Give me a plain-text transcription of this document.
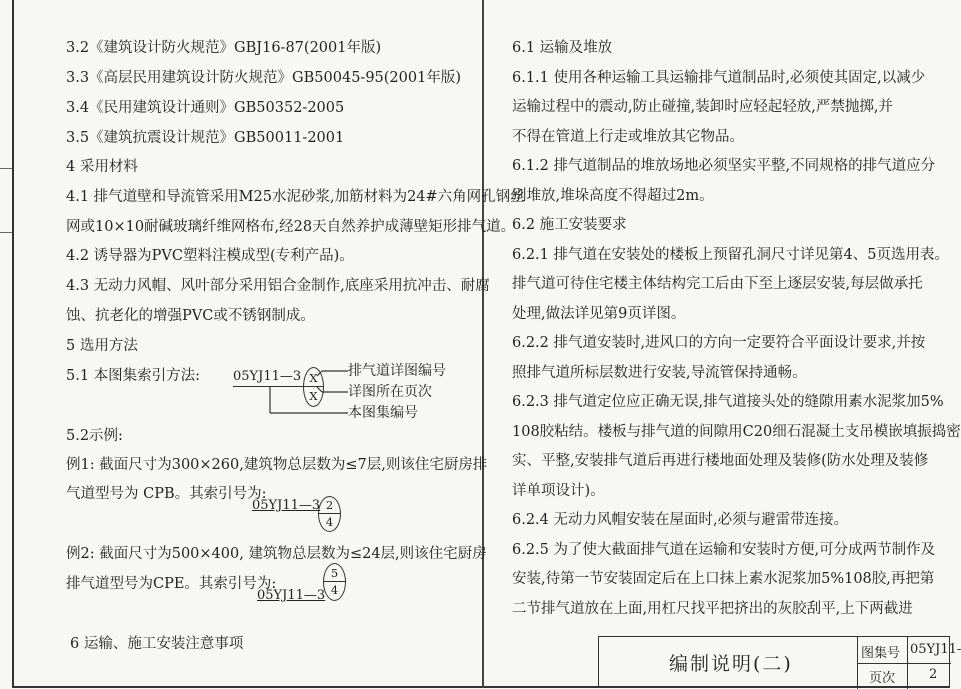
3.2《建筑设计防火规范》GBJ16-87(2001年版)
3.3《高层民用建筑设计防火规范》GB50045-95(2001年版)
3.4《民用建筑设计通则》GB50352-2005
3.5《建筑抗震设计规范》GB50011-2001
4 采用材料
4.1 排气道壁和导流管采用M25水泥砂浆,加筋材料为24#六角网孔钢丝
网或10×10耐碱玻璃纤维网格布,经28天自然养护成薄壁矩形排气道。
4.2 诱导器为PVC塑料注模成型(专利产品)。
4.3 无动力风帽、风叶部分采用铝合金制作,底座采用抗冲击、耐腐
蚀、抗老化的增强PVC或不锈钢制成。
5 选用方法
5.1 本图集索引方法:	05YJ11—3 X
X
排气道详图编号
详图所在页次
本图集编号
5.2示例:
例1: 截面尺寸为300×260,建筑物总层数为≤7层,则该住宅厨房排
气道型号为 CPB。其索引号为:
05YJ11—3 2
4
例2: 截面尺寸为500×400, 建筑物总层数为≤24层,则该住宅厨房
排气道型号为CPE。其索引号为:
05YJ11—3
5
4
6 运输、施工安装注意事项
6.1 运输及堆放
6.1.1 使用各种运输工具运输排气道制品时,必须使其固定,以减少
运输过程中的震动,防止碰撞,装卸时应轻起轻放,严禁抛掷,并
不得在管道上行走或堆放其它物品。
6.1.2 排气道制品的堆放场地必须坚实平整,不同规格的排气道应分
别堆放,堆垛高度不得超过2m。
6.2 施工安装要求
6.2.1 排气道在安装处的楼板上预留孔洞尺寸详见第4、5页选用表。
排气道可待住宅楼主体结构完工后由下至上逐层安装,每层做承托
处理,做法详见第9页详图。
6.2.2 排气道安装时,进风口的方向一定要符合平面设计要求,并按
照排气道所标层数进行安装,导流管保持通畅。
6.2.3 排气道定位应正确无误,排气道接头处的缝隙用素水泥浆加5%
108胶粘结。楼板与排气道的间隙用C20细石混凝土支吊模嵌填振捣密
实、平整,安装排气道后再进行楼地面处理及装修(防水处理及装修
详单项设计)。
6.2.4 无动力风帽安装在屋面时,必须与避雷带连接。
6.2.5 为了使大截面排气道在运输和安装时方便,可分成两节制作及
安装,待第一节安装固定后在上口抹上素水泥浆加5%108胶,再把第
二节排气道放在上面,用杠尺找平把挤出的灰胶刮平,上下两截进
编制说明(二)	图集号 05YJ11-
页次	2
